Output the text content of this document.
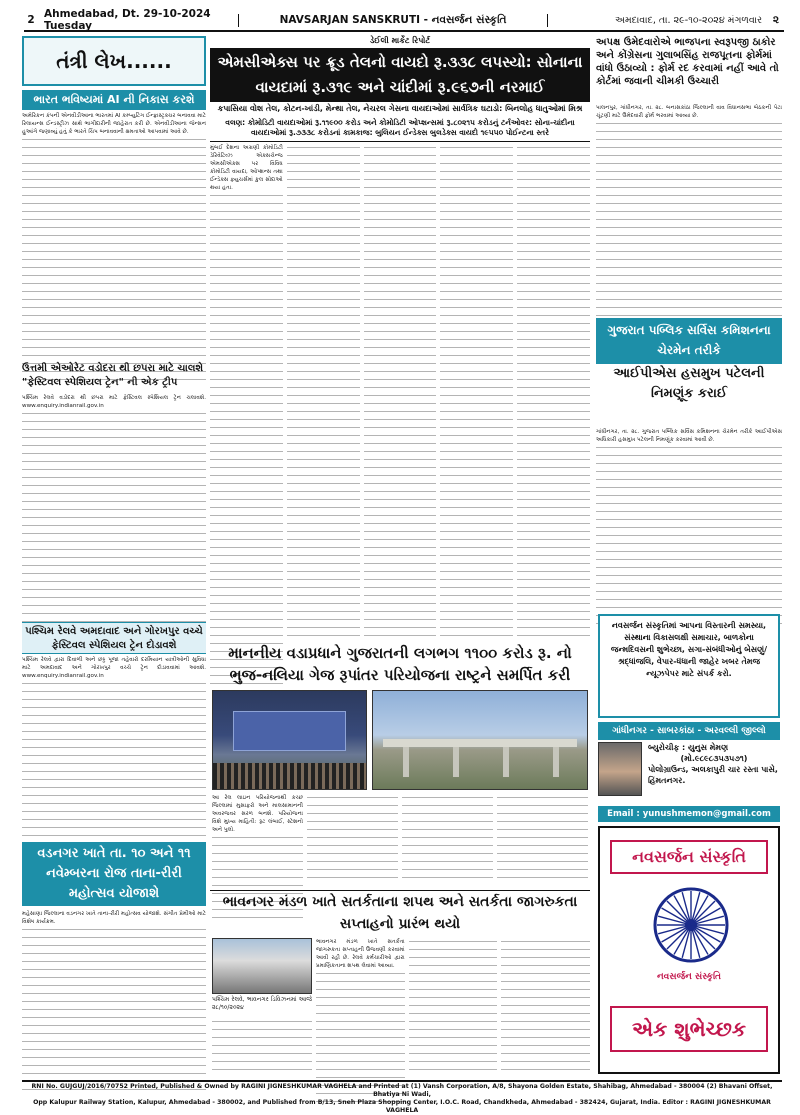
2 Ahmedabad, Dt. 29-10-2024 Tuesday
NAVSARJAN SANSKRUTI - નવસર્જન સંસ્કૃતિ	અમદાવાદ, તા. ૨૯-૧૦-૨૦૨૪ મંગળવાર	૨
તંત્રી લેખ......
ભારત ભવિષ્યમાં AI ની નિકાસ કરશે
અમેરિકન કંપની એનવીડીઆના ભારતમાં AI કમ્પ્યુટિંગ ઈન્ફ્રાસ્ટ્રક્ચર બનાવવા માટે રિલાયન્સ ઈન્ડસ્ટ્રીઝ સાથે ભાગીદારીની જાહેરાત કરી છે. એનવીડીઆના જેન્સન હુઆંગે જણાવ્યું હતું કે ભારતે ચિપ બનાવવાની ક્ષમતાઓ આપવામાં આવે છે.
ઉત્તમી એઓરેટ વડોદરા થી છપરા માટે ચાલશે "ફેસ્ટિવલ સ્પેશિયલ ટ્રેન" ની એક ટ્રીપ
પશ્ચિમ રેલવે વડોદરા થી છપરા માટે ફેસ્ટિવલ સ્પેશિયલ ટ્રેન ચલાવશે. www.enquiry.indianrail.gov.in
પશ્ચિમ રેલવે અમદાવાદ અને ગોરખપુર વચ્ચે ફેસ્ટિવલ સ્પેશિયલ ટ્રેન દોડાવશે
પશ્ચિમ રેલવે દ્વારા દિવાળી અને છઠ્ઠ પૂજા તહેવારો દરમિયાન યાત્રીઓની સુવિધા માટે અમદાવાદ અને ગોરખપુર વચ્ચે ટ્રેન દોડાવવામાં આવશે. www.enquiry.indianrail.gov.in
વડનગર ખાતે તા. ૧૦ અને ૧૧ નવેમ્બરના રોજ તાના-રીરી મહોત્સવ યોજાશે
મહેસાણા જિલ્લાના વડનગર ખાતે તાના-રીરી મહોત્સવ યોજાશે. સંગીત પ્રેમીઓ માટે વિશેષ કાર્યક્રમ.
ડેઈલી માર્કેટ રિપોર્ટ
એમસીએક્સ પર ક્રૂડ તેલનો વાયદો રૂ.૩૩૮ લપસ્યો: સોનાના વાયદામાં રૂ.૩૧૯ અને ચાંદીમાં રૂ.૯૬૭ની નરમાઈ
કપાસિયા વોશ તેલ, કોટન-ખાંડી, મેન્થા તેલ, નેચરલ ગેસના વાયદાઓમાં સાર્વત્રિક ઘટાડો: બિનલોહ ધાતુઓમાં મિશ્ર
વલણ: કોમોડિટી વાયદાઓમાં રૂ.૧૧૯૦૦ કરોડ અને કોમોડિટી ઓપ્શન્સમાં રૂ.૮૦૨૧૫ કરોડનું ટર્નઓવર: સોના-ચાંદીના વાયદાઓમાં રૂ.૭૩૩૮ કરોડનાં કામકાજ: બુલિયન ઈન્ડેક્સ બુલડેક્સ વાયદો ૧૯૫૫૦ પોઈન્ટના સ્તરે
મુંબઈ દેશના અગ્રણી કોમોડિટી ડેરિવેટિવ્ઝ એક્સચેન્જ એમસીએક્સ પર વિવિધ કોમોડિટી વાયદા, ઓપ્શન્સ તથા ઈન્ડેક્સ ફ્યુચર્સમાં કુલ સોદાઓ થયા હતા.
માનનીય વડાપ્રધાને ગુજરાતની લગભગ ૧૧૦૦ કરોડ રૂ. નો ભુજ-નલિયા ગેજ રૂપાંતર પરિયોજના રાષ્ટ્રને સમર્પિત કરી
આ રેલ લાઇન પરિયોજનાથી કચ્છ જિલ્લામાં મુસાફરો અને માલસામાનની અવરજવર સરળ બનશે. પરિયોજના વિશે મુખ્ય માહિતી: રૂટ લંબાઈ, સ્ટેશનો અને પુલો.
ભાવનગર મંડળ ખાતે સતર્કતાના શપથ અને સતર્કતા જાગરુકતા સપ્તાહનો પ્રારંભ થયો
પશ્ચિમ રેલવે, ભાવનગર ડિવિઝનમાં આજે ૨૮/૧૦/૨૦૨૪
ભાવનગર મંડળ ખાતે સતર્કતા જાગરુકતા સપ્તાહની ઉજવણી કરવામાં આવી રહી છે. રેલવે કર્મચારીઓ દ્વારા પ્રમાણિકતાના શપથ લેવામાં આવ્યા.
અપક્ષ ઉમેદવારોએ ભાજપના સ્વરૂપજી ઠાકોર અને કોંગ્રેસના ગુલાબસિંહ રાજપૂતના ફોર્મમાં વાંધો ઉઠાવ્યો : ફોર્મ રદ કરવામાં નહીં આવે તો કોર્ટમાં જવાની ચીમકી ઉચ્ચારી
પાલનપુર, ગાંધીનગર, તા. ૨૮. બનાસકાંઠા જિલ્લાની વાવ વિધાનસભા બેઠકની પેટા ચૂંટણી માટે ઉમેદવારી ફોર્મ ભરવામાં આવ્યા છે.
ગુજરાત પબ્લિક સર્વિસ કમિશનના ચેરમેન તરીકે
આઈપીએસ હસમુખ પટેલની નિમણૂંક કરાઈ
ગાંધીનગર, તા. ૨૮. ગુજરાત પબ્લિક સર્વિસ કમિશનના ચેરમેન તરીકે આઈપીએસ અધિકારી હસમુખ પટેલની નિમણૂંક કરવામાં આવી છે.
નવસર્જન સંસ્કૃતિમાં આપના વિસ્તારની સમસ્યા, સંસ્થાના વિકાસલક્ષી સમાચાર, બાળકોના જન્મદિવસની શુભેચ્છા, સગા-સંબંધીઓનું બેસણું/શ્રદ્ધાંજલિ, વેપાર-ધંધાની જાહેર ખબર તેમજ ન્યૂઝપેપર માટે સંપર્ક કરો.
ગાંધીનગર - સાબરકાંઠા - અરવલ્લી જીલ્લો
બ્યુરોચીફ : યુનુસ મેમણ
(મો.૯૮૯૮૩૫૩૫૭૧)
પોલોગ્રાઉન્ડ, અલકાપુરી ચાર રસ્તા પાસે, હિંમતનગર.
Email : yunushmemon@gmail.com
નવસર્જન સંસ્કૃતિ
નવસર્જન સંસ્કૃતિ
એક શુભેચ્છક
RNI No. GUJGUJ/2016/70752 Printed, Published & Owned by RAGINI JIGNESHKUMAR VAGHELA and Printed at (1) Vansh Corporation, A/8, Shayona Golden Estate, Shahibag, Ahmedabad - 380004 (2) Bhavani Offset, Bhatiya Ni Wadi,
Opp Kalupur Railway Station, Kalupur, Ahmedabad - 380002, and Published from B/13, Sneh Plaza Shopping Center, I.O.C. Road, Chandkheda, Ahmedabad - 382424, Gujarat, India. Editor : RAGINI JIGNESHKUMAR VAGHELA
